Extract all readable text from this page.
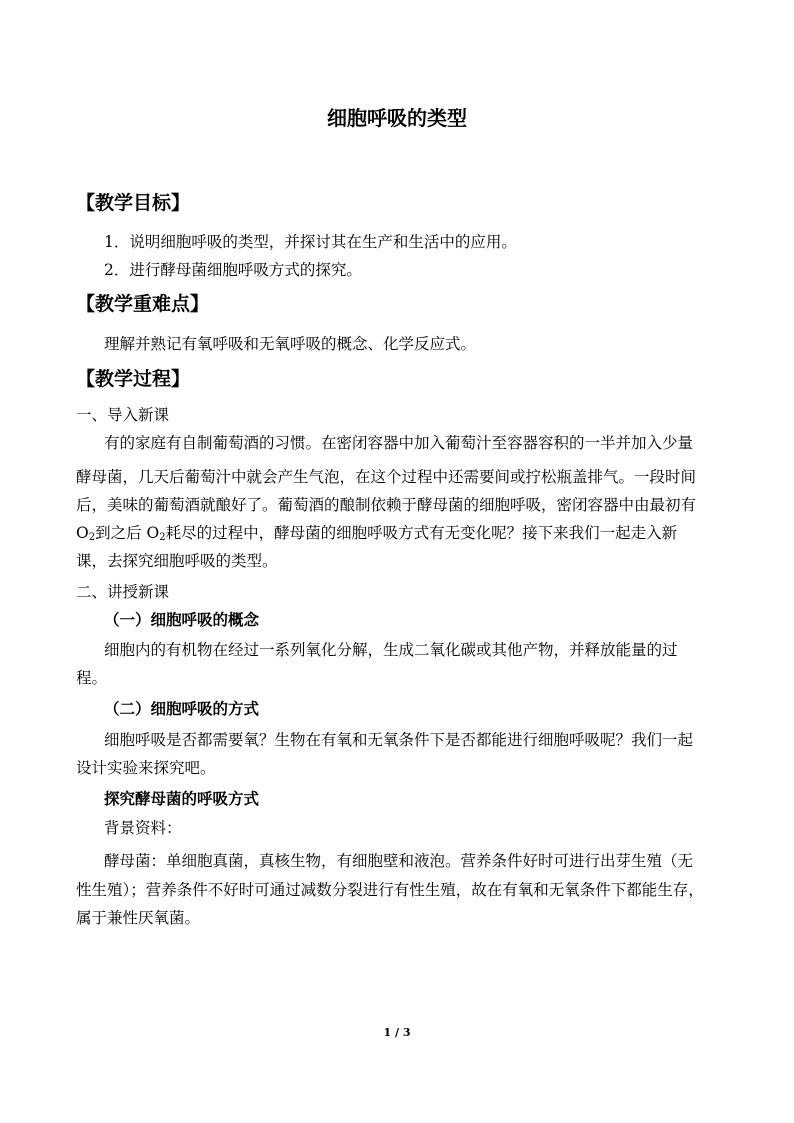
细胞呼吸的类型
【教学目标】
1．说明细胞呼吸的类型，并探讨其在生产和生活中的应用。
2．进行酵母菌细胞呼吸方式的探究。
【教学重难点】
理解并熟记有氧呼吸和无氧呼吸的概念、化学反应式。
【教学过程】
一、导入新课
有的家庭有自制葡萄酒的习惯。在密闭容器中加入葡萄汁至容器容积的一半并加入少量
酵母菌，几天后葡萄汁中就会产生气泡，在这个过程中还需要间或拧松瓶盖排气。一段时间
后，美味的葡萄酒就酿好了。葡萄酒的酿制依赖于酵母菌的细胞呼吸，密闭容器中由最初有
$O_2$到之后 $O_2$耗尽的过程中，酵母菌的细胞呼吸方式有无变化呢？接下来我们一起走入新
课，去探究细胞呼吸的类型。
二、讲授新课
（一）细胞呼吸的概念
细胞内的有机物在经过一系列氧化分解，生成二氧化碳或其他产物，并释放能量的过
程。
（二）细胞呼吸的方式
细胞呼吸是否都需要氧？生物在有氧和无氧条件下是否都能进行细胞呼吸呢？我们一起
设计实验来探究吧。
探究酵母菌的呼吸方式
背景资料：
酵母菌：单细胞真菌，真核生物，有细胞壁和液泡。营养条件好时可进行出芽生殖（无
性生殖）；营养条件不好时可通过减数分裂进行有性生殖，故在有氧和无氧条件下都能生存，
属于兼性厌氧菌。
1 / 3
